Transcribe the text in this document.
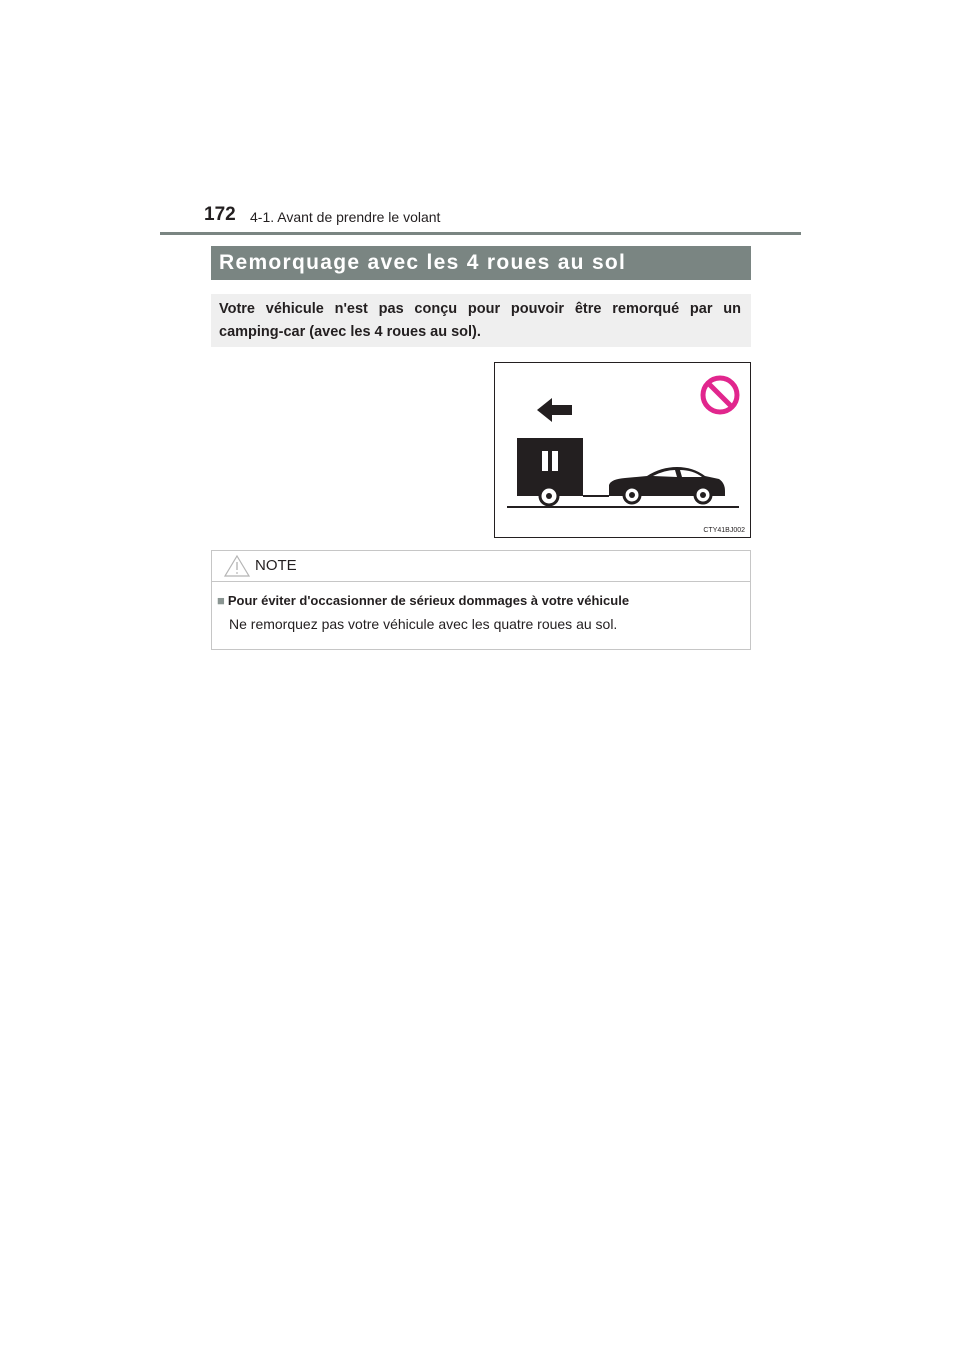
172 4-1. Avant de prendre le volant
Remorquage avec les 4 roues au sol
Votre véhicule n'est pas conçu pour pouvoir être remorqué par un camping-car (avec les 4 roues au sol).
CTY41BJ002
NOTE
■ Pour éviter d'occasionner de sérieux dommages à votre véhicule
Ne remorquez pas votre véhicule avec les quatre roues au sol.
